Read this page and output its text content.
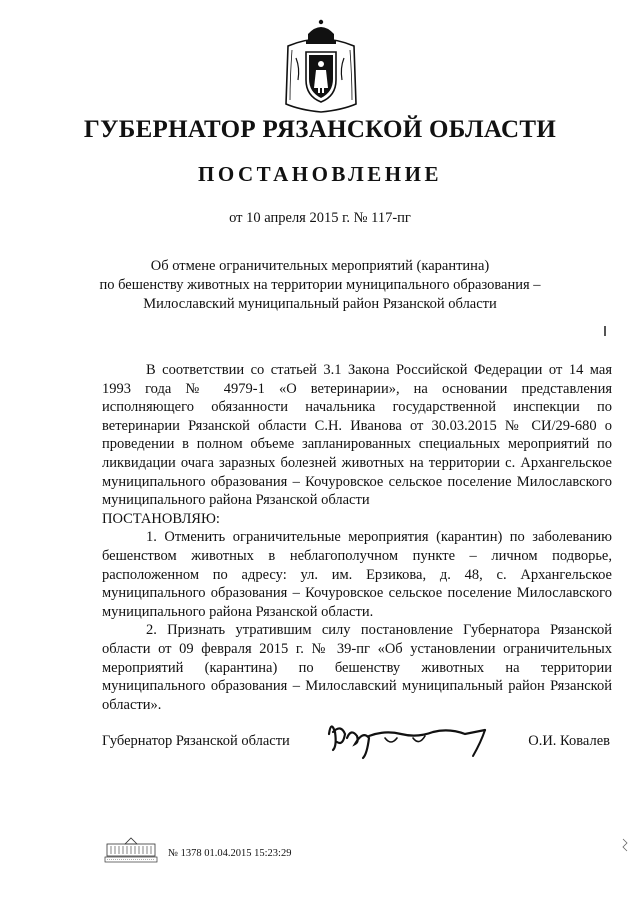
ГУБЕРНАТОР РЯЗАНСКОЙ ОБЛАСТИ
ПОСТАНОВЛЕНИЕ
от 10 апреля 2015 г. № 117-пг
Об отмене ограничительных мероприятий (карантина)
по бешенству животных на территории муниципального образования –
Милославский муниципальный район Рязанской области

В соответствии со статьей 3.1 Закона Российской Федерации от 14 мая 1993 года № 4979-1 «О ветеринарии», на основании представления исполняющего обязанности начальника государственной инспекции по ветеринарии Рязанской области С.Н. Иванова от 30.03.2015 № СИ/29-680 о проведении в полном объеме запланированных специальных мероприятий по ликвидации очага заразных болезней животных на территории с. Архангельское муниципального образования – Кочуровское сельское поселение Милославского муниципального района Рязанской области

ПОСТАНОВЛЯЮ:

1. Отменить ограничительные мероприятия (карантин) по заболеванию бешенством животных в неблагополучном пункте – личном подворье, расположенном по адресу: ул. им. Ерзикова, д. 48, с. Архангельское муниципального образования – Кочуровское сельское поселение Милославского муниципального района Рязанской области.

2. Признать утратившим силу постановление Губернатора Рязанской области от 09 февраля 2015 г. № 39-пг «Об установлении ограничительных мероприятий (карантина) по бешенству животных на территории муниципального образования – Милославский муниципальный район Рязанской области».

Губернатор Рязанской области	О.И. Ковалев
№ 1378 01.04.2015 15:23:29
